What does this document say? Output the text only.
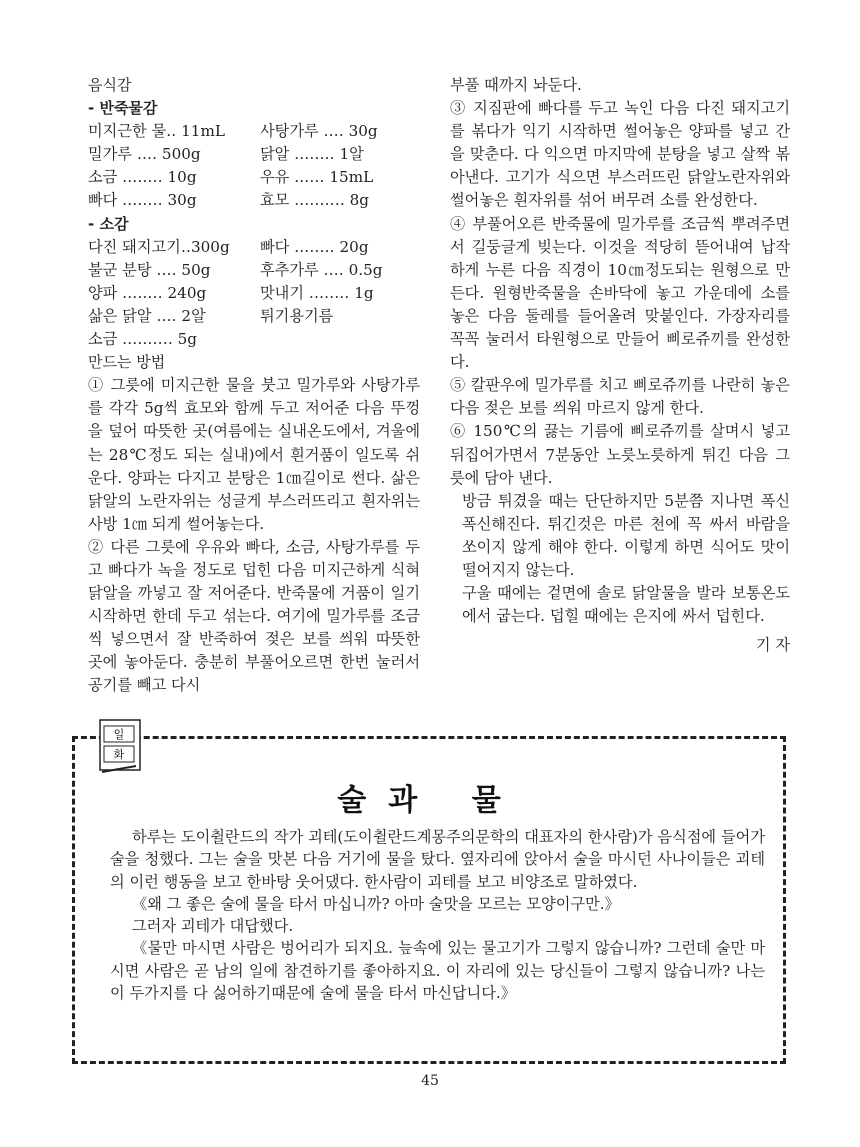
음식감
- 반죽물감
미지근한 물‥ 11mL	사탕가루 ‥‥ 30g
밀가루 ‥‥ 500g	닭알 ‥‥‥‥ 1알
소금 ‥‥‥‥ 10g	우유 ‥‥‥ 15mL
빠다 ‥‥‥‥ 30g	효모 ‥‥‥‥‥ 8g
- 소감
다진 돼지고기‥300g	빠다 ‥‥‥‥ 20g
불군 분탕 ‥‥ 50g	후추가루 ‥‥ 0.5g
양파 ‥‥‥‥ 240g	맛내기 ‥‥‥‥ 1g
삶은 닭알 ‥‥ 2알	튀기용기름
소금 ‥‥‥‥‥ 5g
만드는 방법

① 그릇에 미지근한 물을 붓고 밀가루와 사탕가루를 각각 5g씩 효모와 함께 두고 저어준 다음 뚜껑을 덮어 따뜻한 곳(여름에는 실내온도에서, 겨울에는 28℃정도 되는 실내)에서 흰거품이 일도록 쉬운다. 양파는 다지고 분탕은 1㎝길이로 썬다. 삶은 닭알의 노란자위는 성글게 부스러뜨리고 흰자위는 사방 1㎝ 되게 썰어놓는다.

② 다른 그릇에 우유와 빠다, 소금, 사탕가루를 두고 빠다가 녹을 정도로 덥힌 다음 미지근하게 식혀 닭알을 까넣고 잘 저어준다. 반죽물에 거품이 일기 시작하면 한데 두고 섞는다. 여기에 밀가루를 조금씩 넣으면서 잘 반죽하여 젖은 보를 씌워 따뜻한 곳에 놓아둔다. 충분히 부풀어오르면 한번 눌러서 공기를 빼고 다시

부풀 때까지 놔둔다.

③ 지짐판에 빠다를 두고 녹인 다음 다진 돼지고기를 볶다가 익기 시작하면 썰어놓은 양파를 넣고 간을 맞춘다. 다 익으면 마지막에 분탕을 넣고 살짝 볶아낸다. 고기가 식으면 부스러뜨린 닭알노란자위와 썰어놓은 흰자위를 섞어 버무려 소를 완성한다.

④ 부풀어오른 반죽물에 밀가루를 조금씩 뿌려주면서 길둥글게 빚는다. 이것을 적당히 뜯어내여 납작하게 누른 다음 직경이 10㎝정도되는 원형으로 만든다. 원형반죽물을 손바닥에 놓고 가운데에 소를 놓은 다음 둘레를 들어올려 맞붙인다. 가장자리를 꼭꼭 눌러서 타원형으로 만들어 삐로쥬끼를 완성한다.

⑤ 칼판우에 밀가루를 치고 삐로쥬끼를 나란히 놓은 다음 젖은 보를 씌워 마르지 않게 한다.

⑥ 150℃의 끓는 기름에 삐로쥬끼를 살며시 넣고 뒤집어가면서 7분동안 노릇노릇하게 튀긴 다음 그릇에 담아 낸다.

방금 튀겼을 때는 단단하지만 5분쯤 지나면 폭신폭신해진다. 튀긴것은 마른 천에 꼭 싸서 바람을 쏘이지 않게 해야 한다. 이렇게 하면 식어도 맛이 떨어지지 않는다.

구울 때에는 겉면에 솔로 닭알물을 발라 보통온도에서 굽는다. 덥힐 때에는 은지에 싸서 덥힌다.

기 자
일
화
술과 물

하루는 도이췰란드의 작가 괴테(도이췰란드계몽주의문학의 대표자의 한사람)가 음식점에 들어가 술을 청했다. 그는 술을 맛본 다음 거기에 물을 탔다. 옆자리에 앉아서 술을 마시던 사나이들은 괴테의 이런 행동을 보고 한바탕 웃어댔다. 한사람이 괴테를 보고 비양조로 말하였다.

《왜 그 좋은 술에 물을 타서 마십니까? 아마 술맛을 모르는 모양이구만.》

그러자 괴테가 대답했다.

《물만 마시면 사람은 벙어리가 되지요. 늪속에 있는 물고기가 그렇지 않습니까? 그런데 술만 마시면 사람은 곧 남의 일에 참견하기를 좋아하지요. 이 자리에 있는 당신들이 그렇지 않습니까? 나는 이 두가지를 다 싫어하기때문에 술에 물을 타서 마신답니다.》

45
